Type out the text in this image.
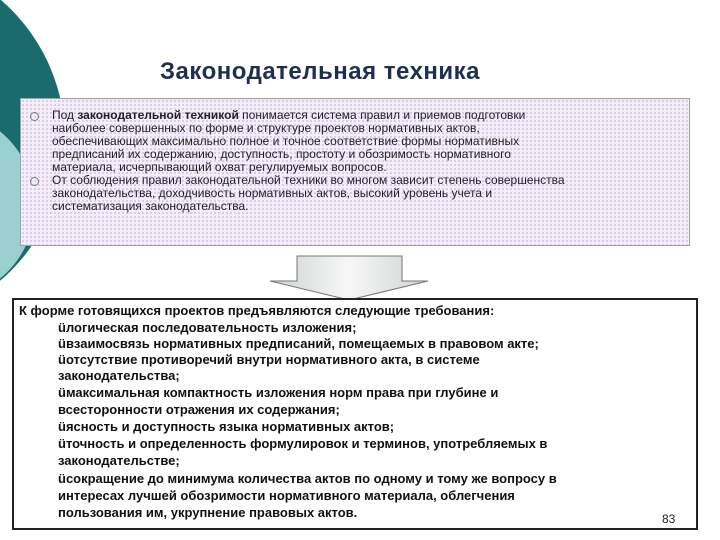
Законодательная техника
Под законодательной техникой понимается система правил и приемов подготовки
наиболее совершенных по форме и структуре проектов нормативных актов,
обеспечивающих максимально полное и точное соответствие формы нормативных
предписаний их содержанию, доступность, простоту и обозримость нормативного
материала, исчерпывающий охват регулируемых вопросов.
От соблюдения правил законодательной техники во многом зависит степень совершенства
законодательства, доходчивость нормативных актов, высокий уровень учета и
систематизация законодательства.
К форме готовящихся проектов предъявляются следующие требования:
üлогическая последовательность изложения;
üвзаимосвязь нормативных предписаний, помещаемых в правовом акте;
üотсутствие противоречий внутри нормативного акта, в системе
законодательства;
üмаксимальная компактность изложения норм права при глубине и
всесторонности отражения их содержания;
üясность и доступность языка нормативных актов;
üточность и определенность формулировок и терминов, употребляемых в
законодательстве;
üсокращение до минимума количества актов по одному и тому же вопросу в
интересах лучшей обозримости нормативного материала, облегчения
пользования им, укрупнение правовых актов.	83
